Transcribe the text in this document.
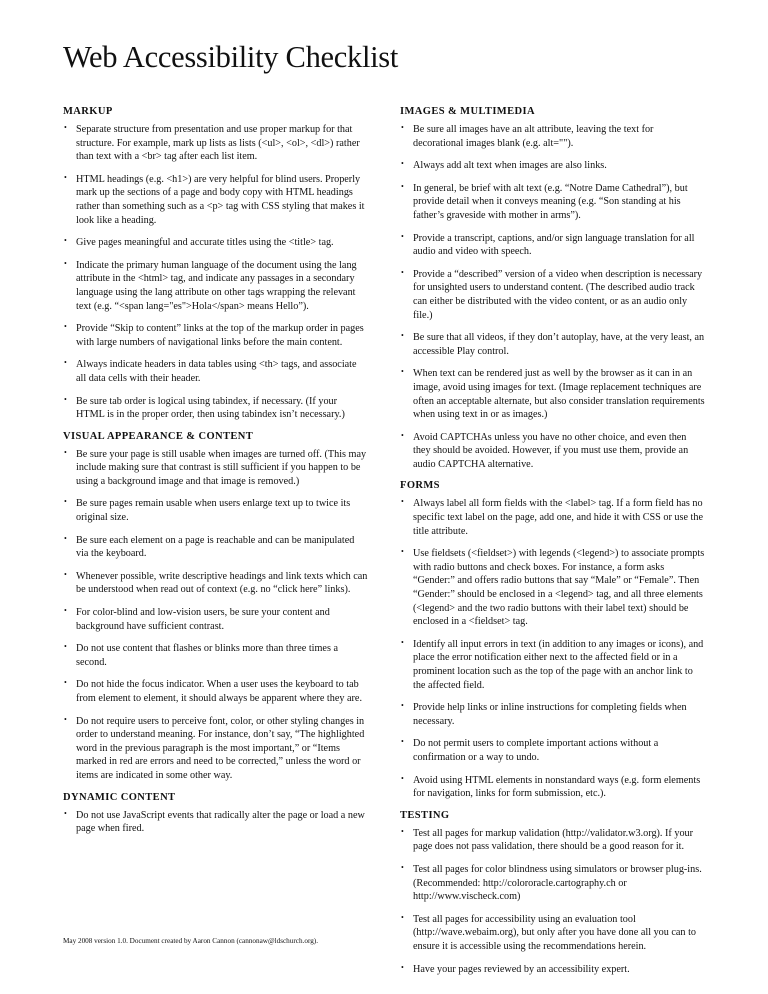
Web Accessibility Checklist
MARKUP
• Separate structure from presentation and use proper markup for that structure. For example, mark up lists as lists (<ul>, <ol>, <dl>) rather than text with a <br> tag after each list item.
• HTML headings (e.g. <h1>) are very helpful for blind users. Properly mark up the sections of a page and body copy with HTML headings rather than something such as a <p> tag with CSS styling that makes it look like a heading.
• Give pages meaningful and accurate titles using the <title> tag.
• Indicate the primary human language of the document using the lang attribute in the <html> tag, and indicate any passages in a secondary language using the lang attribute on other tags wrapping the relevant text (e.g. “<span lang="es">Hola</span> means Hello”).
• Provide “Skip to content” links at the top of the markup order in pages with large numbers of navigational links before the main content.
• Always indicate headers in data tables using <th> tags, and associate all data cells with their header.
• Be sure tab order is logical using tabindex, if necessary. (If your HTML is in the proper order, then using tabindex isn’t necessary.)
VISUAL APPEARANCE & CONTENT
• Be sure your page is still usable when images are turned off. (This may include making sure that contrast is still sufficient if you happen to be using a background image and that image is removed.)
• Be sure pages remain usable when users enlarge text up to twice its original size.
• Be sure each element on a page is reachable and can be manipulated via the keyboard.
• Whenever possible, write descriptive headings and link texts which can be understood when read out of context (e.g. no “click here” links).
• For color-blind and low-vision users, be sure your content and background have sufficient contrast.
• Do not use content that flashes or blinks more than three times a second.
• Do not hide the focus indicator. When a user uses the keyboard to tab from element to element, it should always be apparent where they are.
• Do not require users to perceive font, color, or other styling changes in order to understand meaning. For instance, don’t say, “The highlighted word in the previous paragraph is the most important,” or “Items marked in red are errors and need to be corrected,” unless the word or items are indicated in some other way.
DYNAMIC CONTENT
• Do not use JavaScript events that radically alter the page or load a new page when fired.
IMAGES & MULTIMEDIA
• Be sure all images have an alt attribute, leaving the text for decorational images blank (e.g. alt="").
• Always add alt text when images are also links.
• In general, be brief with alt text (e.g. “Notre Dame Cathedral”), but provide detail when it conveys meaning (e.g. “Son standing at his father’s graveside with mother in arms”).
• Provide a transcript, captions, and/or sign language translation for all audio and video with speech.
• Provide a “described” version of a video when description is necessary for unsighted users to understand content. (The described audio track can either be distributed with the video content, or as an audio only file.)
• Be sure that all videos, if they don’t autoplay, have, at the very least, an accessible Play control.
• When text can be rendered just as well by the browser as it can in an image, avoid using images for text. (Image replacement techniques are often an acceptable alternate, but also consider translation requirements when using text in or as images.)
• Avoid CAPTCHAs unless you have no other choice, and even then they should be avoided. However, if you must use them, provide an audio CAPTCHA alternative.
FORMS
• Always label all form fields with the <label> tag. If a form field has no specific text label on the page, add one, and hide it with CSS or use the title attribute.
• Use fieldsets (<fieldset>) with legends (<legend>) to associate prompts with radio buttons and check boxes. For instance, a form asks “Gender:” and offers radio buttons that say “Male” or “Female”. Then “Gender:” should be enclosed in a <legend> tag, and all three elements (<legend> and the two radio buttons with their label text) should be enclosed in a <fieldset> tag.
• Identify all input errors in text (in addition to any images or icons), and place the error notification either next to the affected field or in a prominent location such as the top of the page with an anchor link to the affected field.
• Provide help links or inline instructions for completing fields when necessary.
• Do not permit users to complete important actions without a confirmation or a way to undo.
• Avoid using HTML elements in nonstandard ways (e.g. form elements for navigation, links for form submission, etc.).
TESTING
• Test all pages for markup validation (http://validator.w3.org). If your page does not pass validation, there should be a good reason for it.
• Test all pages for color blindness using simulators or browser plug-ins. (Recommended: http://colororacle.cartography.ch or http://www.vischeck.com)
• Test all pages for accessibility using an evaluation tool (http://wave.webaim.org), but only after you have done all you can to ensure it is accessible using the recommendations herein.
• Have your pages reviewed by an accessibility expert.
May 2008 version 1.0. Document created by Aaron Cannon (cannonaw@ldschurch.org).
